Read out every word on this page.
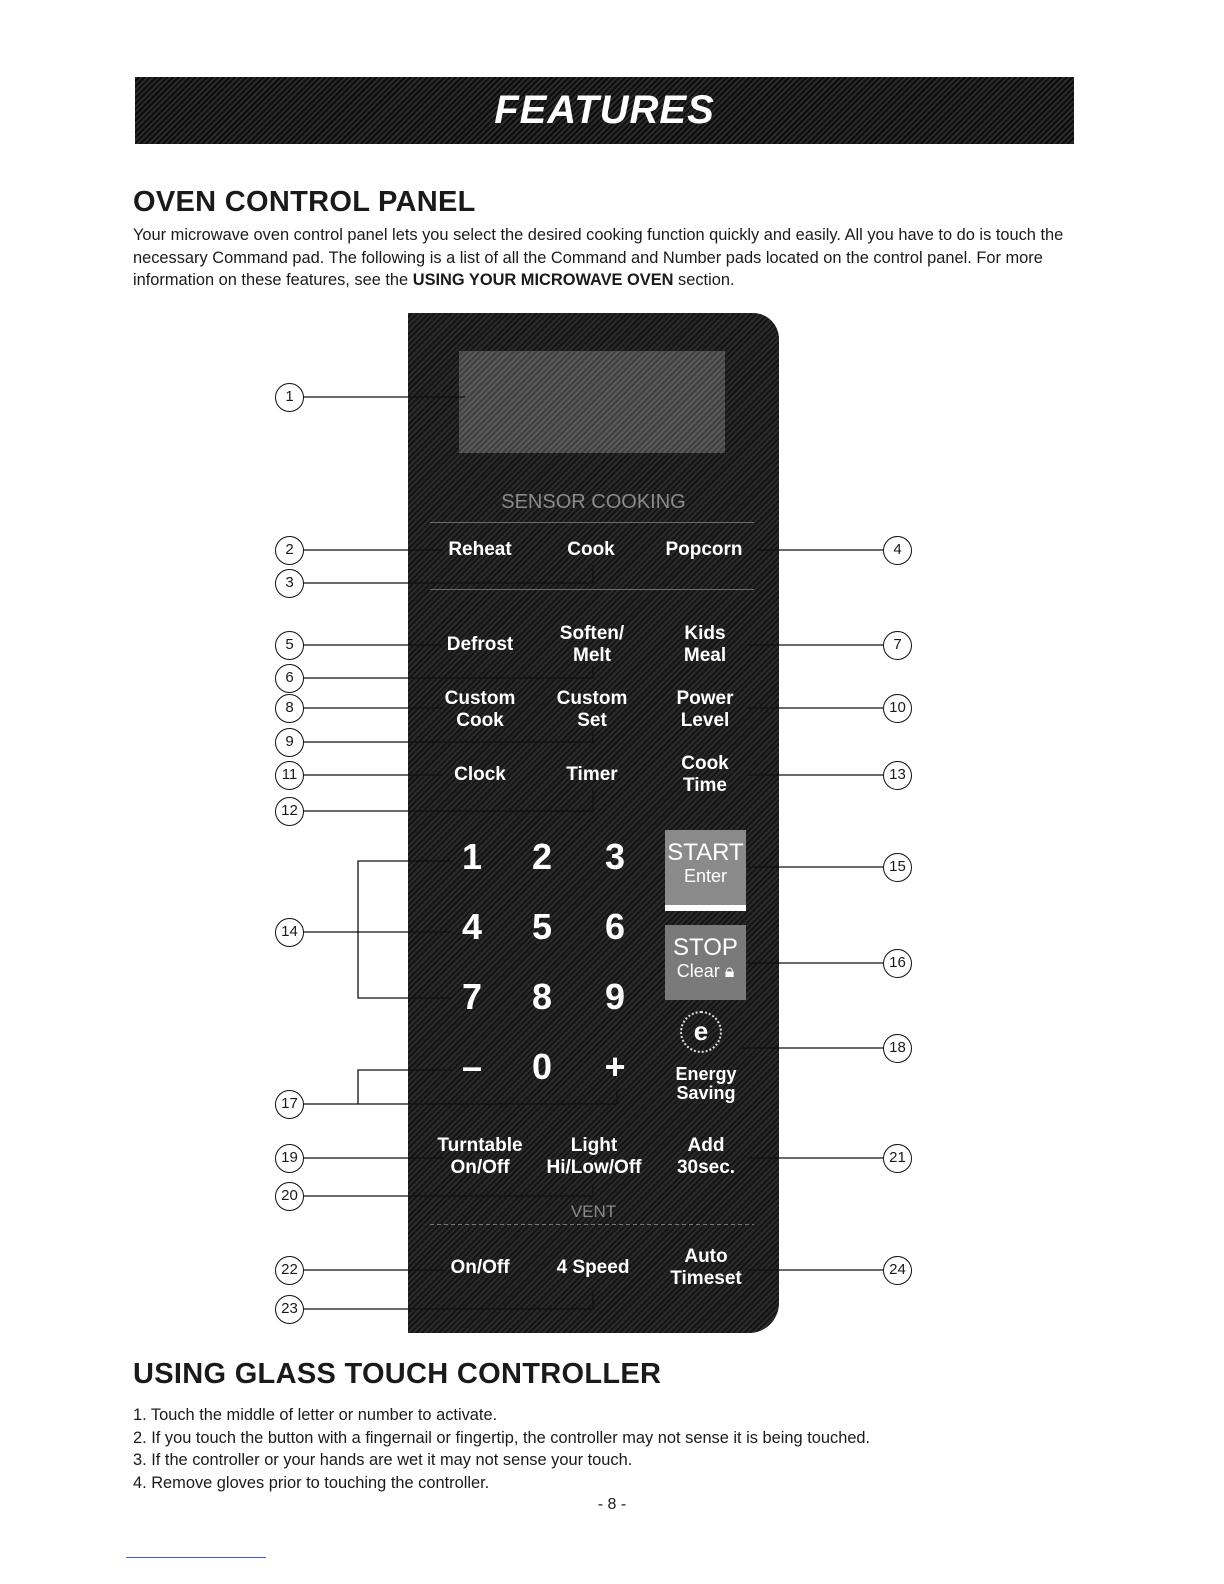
FEATURES
OVEN CONTROL PANEL

Your microwave oven control panel lets you select the desired cooking function quickly and easily. All you have to do is touch the necessary Command pad. The following is a list of all the Command and Number pads located on the control panel. For more information on these features, see the USING YOUR MICROWAVE OVEN section.

SENSOR COOKING
Reheat	Cook	Popcorn
Defrost
Soften/
Melt
Kids
Meal
Custom
Cook
Custom
Set
Power
Level
Clock	Timer
Cook
Time
1 2 3
4 5 6
7 8 9
– 0 +
START
Enter
STOP
Clear 🔒︎
e
Energy
Saving
Turntable
On/Off
Light
Hi/Low/Off
Add
30sec.
VENT
On/Off 4 Speed
Auto
Timeset
1
2
3
4
5
6
7
8
9
10
11
12
13
14
15
16
17
18
19
20
21
22
23
24
USING GLASS TOUCH CONTROLLER
1. Touch the middle of letter or number to activate.
2. If you touch the button with a fingernail or fingertip, the controller may not sense it is being touched.
3. If the controller or your hands are wet it may not sense your touch.
4. Remove gloves prior to touching the controller.
- 8 -
